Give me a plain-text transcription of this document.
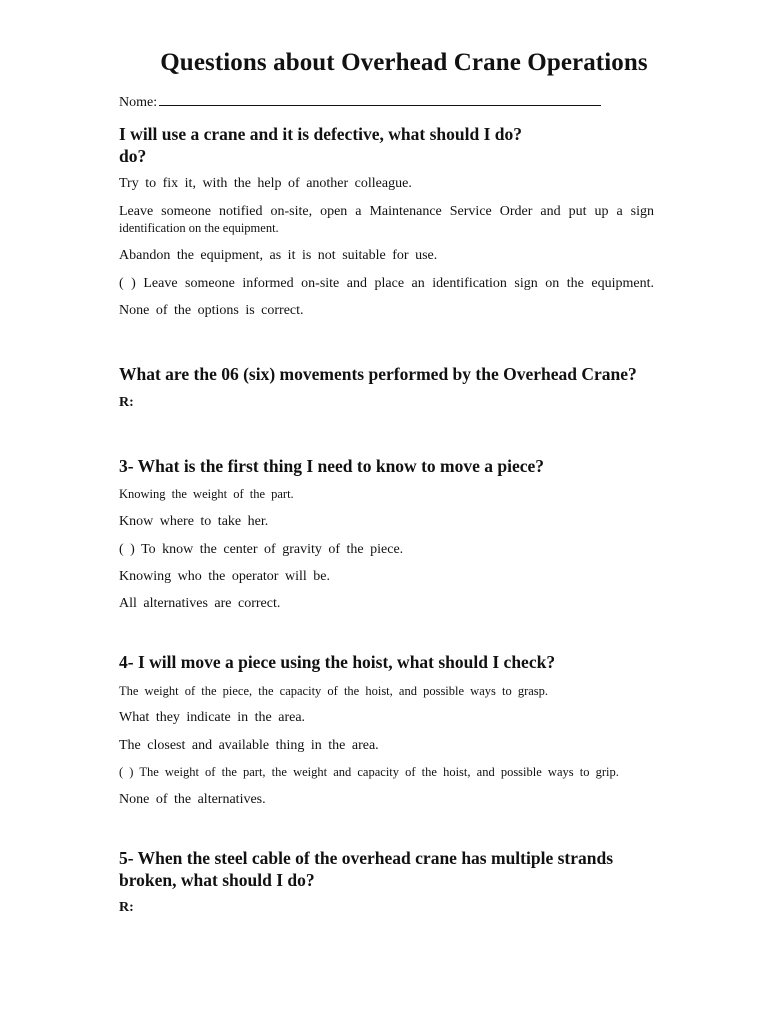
Questions about Overhead Crane Operations
Nome:
I will use a crane and it is defective, what should I do?
do?
Try to fix it, with the help of another colleague.
Leave someone notified on-site, open a Maintenance Service Order and put up a sign
identification on the equipment.
Abandon the equipment, as it is not suitable for use.
( ) Leave someone informed on-site and place an identification sign on the equipment.
None of the options is correct.
What are the 06 (six) movements performed by the Overhead Crane?
R:
3- What is the first thing I need to know to move a piece?
Knowing the weight of the part.
Know where to take her.
( ) To know the center of gravity of the piece.
Knowing who the operator will be.
All alternatives are correct.
4- I will move a piece using the hoist, what should I check?
The weight of the piece, the capacity of the hoist, and possible ways to grasp.
What they indicate in the area.
The closest and available thing in the area.
( ) The weight of the part, the weight and capacity of the hoist, and possible ways to grip.
None of the alternatives.
5- When the steel cable of the overhead crane has multiple strands
broken, what should I do?
R:
